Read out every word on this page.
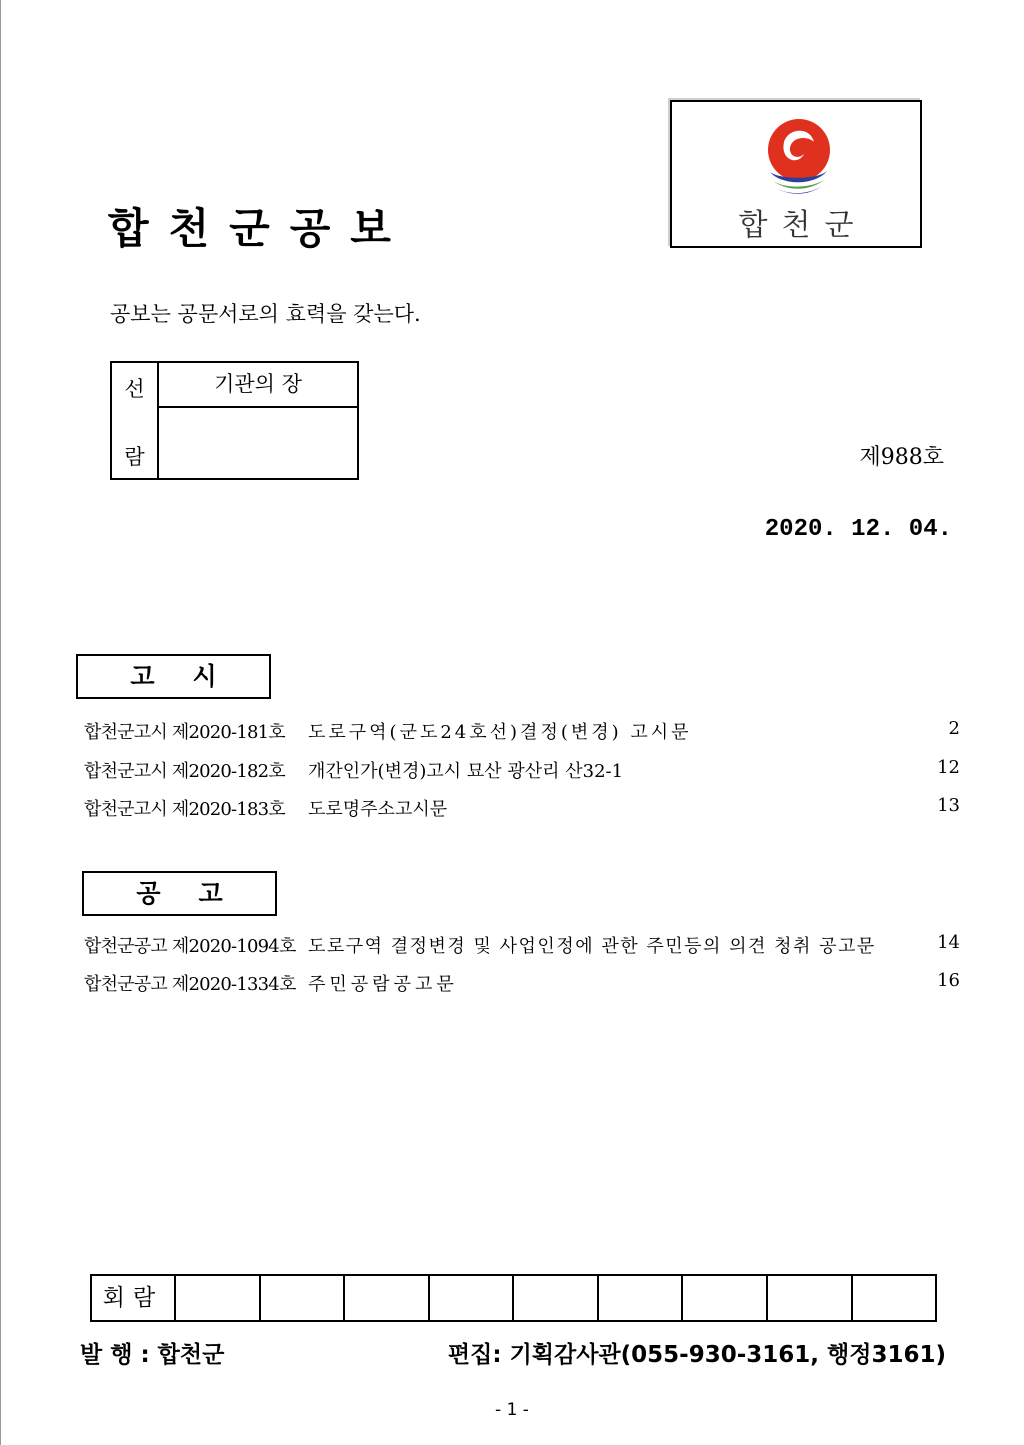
합천군공보	합천군
공보는 공문서로의 효력을 갖는다.
선
람
기관의 장
제988호
2020. 12. 04.
고시
합천군고시 제2020-181호 도로구역(군도24호선)결정(변경) 고시문	2
합천군고시 제2020-182호 개간인가(변경)고시 묘산 광산리 산32-1	12
합천군고시 제2020-183호 도로명주소고시문	13
공고
합천군공고 제2020-1094호 도로구역 결정변경 및 사업인정에 관한 주민등의 의견 청취 공고문	14
합천군공고 제2020-1334호 주민공람공고문	16
회람
발 행 : 합천군	편집: 기획감사관(055-930-3161, 행정3161)
- 1 -
